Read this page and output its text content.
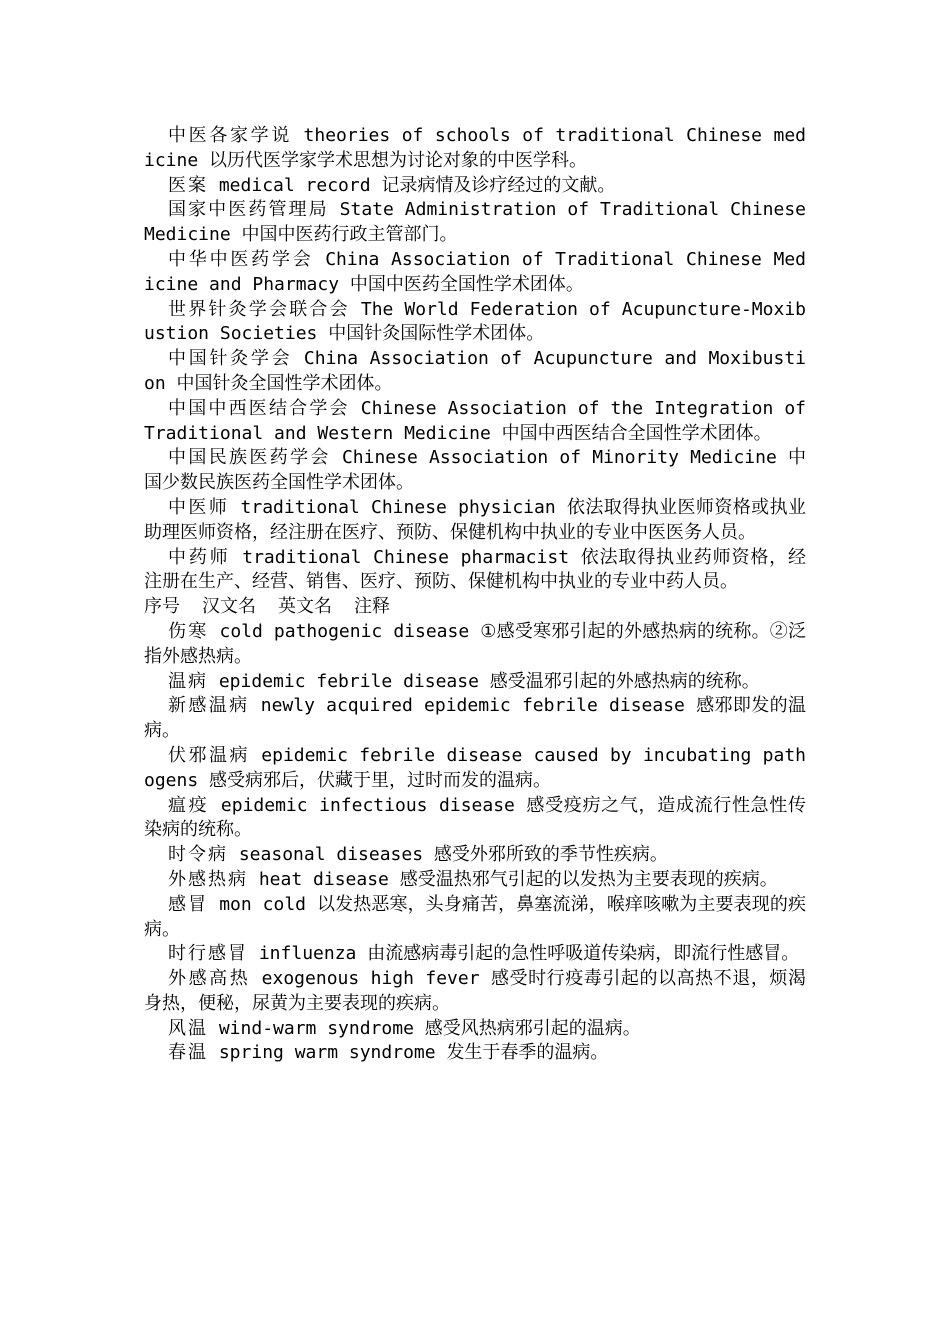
中医各家学说 theories of schools of traditional Chinese medicine 以历代医学家学术思想为讨论对象的中医学科。

医案 medical record 记录病情及诊疗经过的文献。

国家中医药管理局 State Administration of Traditional Chinese Medicine 中国中医药行政主管部门。

中华中医药学会 China Association of Traditional Chinese Medicine and Pharmacy 中国中医药全国性学术团体。

世界针灸学会联合会 The World Federation of Acupuncture-Moxibustion Societies 中国针灸国际性学术团体。

中国针灸学会 China Association of Acupuncture and Moxibustion 中国针灸全国性学术团体。

中国中西医结合学会 Chinese Association of the Integration of Traditional and Western Medicine 中国中西医结合全国性学术团体。

中国民族医药学会 Chinese Association of Minority Medicine 中国少数民族医药全国性学术团体。

中医师 traditional Chinese physician 依法取得执业医师资格或执业助理医师资格，经注册在医疗、预防、保健机构中执业的专业中医医务人员。

中药师 traditional Chinese pharmacist 依法取得执业药师资格，经注册在生产、经营、销售、医疗、预防、保健机构中执业的专业中药人员。

序号 汉文名 英文名 注释

伤寒 cold pathogenic disease ①感受寒邪引起的外感热病的统称。②泛指外感热病。

温病 epidemic febrile disease 感受温邪引起的外感热病的统称。

新感温病 newly acquired epidemic febrile disease 感邪即发的温病。

伏邪温病 epidemic febrile disease caused by incubating pathogens 感受病邪后，伏藏于里，过时而发的温病。

瘟疫 epidemic infectious disease 感受疫疠之气，造成流行性急性传染病的统称。

时令病 seasonal diseases 感受外邪所致的季节性疾病。

外感热病 heat disease 感受温热邪气引起的以发热为主要表现的疾病。

感冒 mon cold 以发热恶寒，头身痛苦，鼻塞流涕，喉痒咳嗽为主要表现的疾病。

时行感冒 influenza 由流感病毒引起的急性呼吸道传染病，即流行性感冒。

外感高热 exogenous high fever 感受时行疫毒引起的以高热不退，烦渴身热，便秘，尿黄为主要表现的疾病。

风温 wind-warm syndrome 感受风热病邪引起的温病。

春温 spring warm syndrome 发生于春季的温病。
